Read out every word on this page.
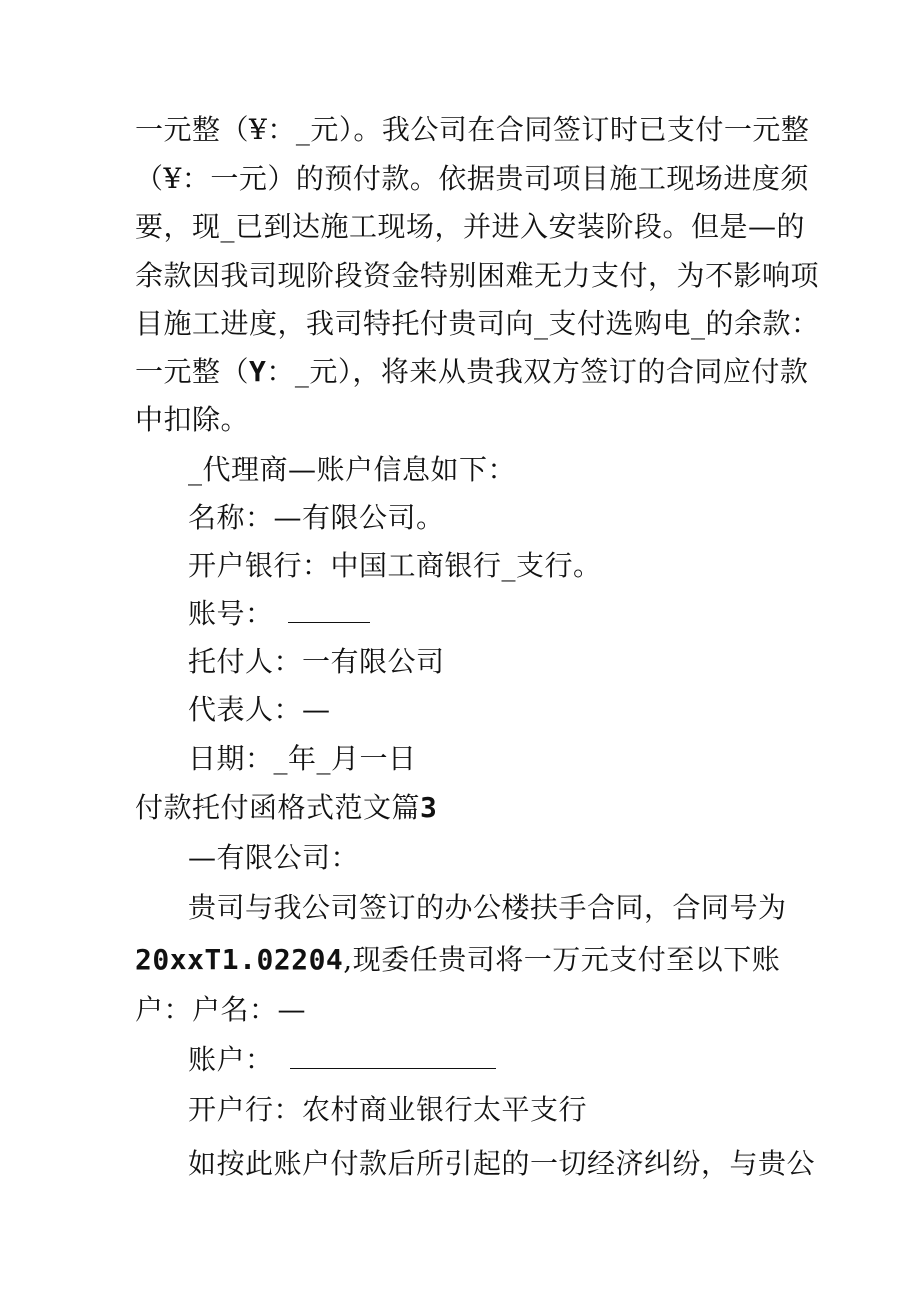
一元整（¥：_元）。我公司在合同签订时已支付一元整
（¥：一元）的预付款。依据贵司项目施工现场进度须
要，现_已到达施工现场，并进入安装阶段。但是—的
余款因我司现阶段资金特别困难无力支付，为不影响项
目施工进度，我司特托付贵司向_支付选购电_的余款：
一元整（Y：_元），将来从贵我双方签订的合同应付款
中扣除。
_代理商—账户信息如下：
名称：—有限公司。
开户银行：中国工商银行_支行。
账号：
托付人：一有限公司
代表人：—
日期：_年_月一日
付款托付函格式范文篇3
—有限公司：
贵司与我公司签订的办公楼扶手合同，合同号为
20xxT1.02204,现委任贵司将一万元支付至以下账
户：户名：—
账户：
开户行：农村商业银行太平支行
如按此账户付款后所引起的一切经济纠纷，与贵公
